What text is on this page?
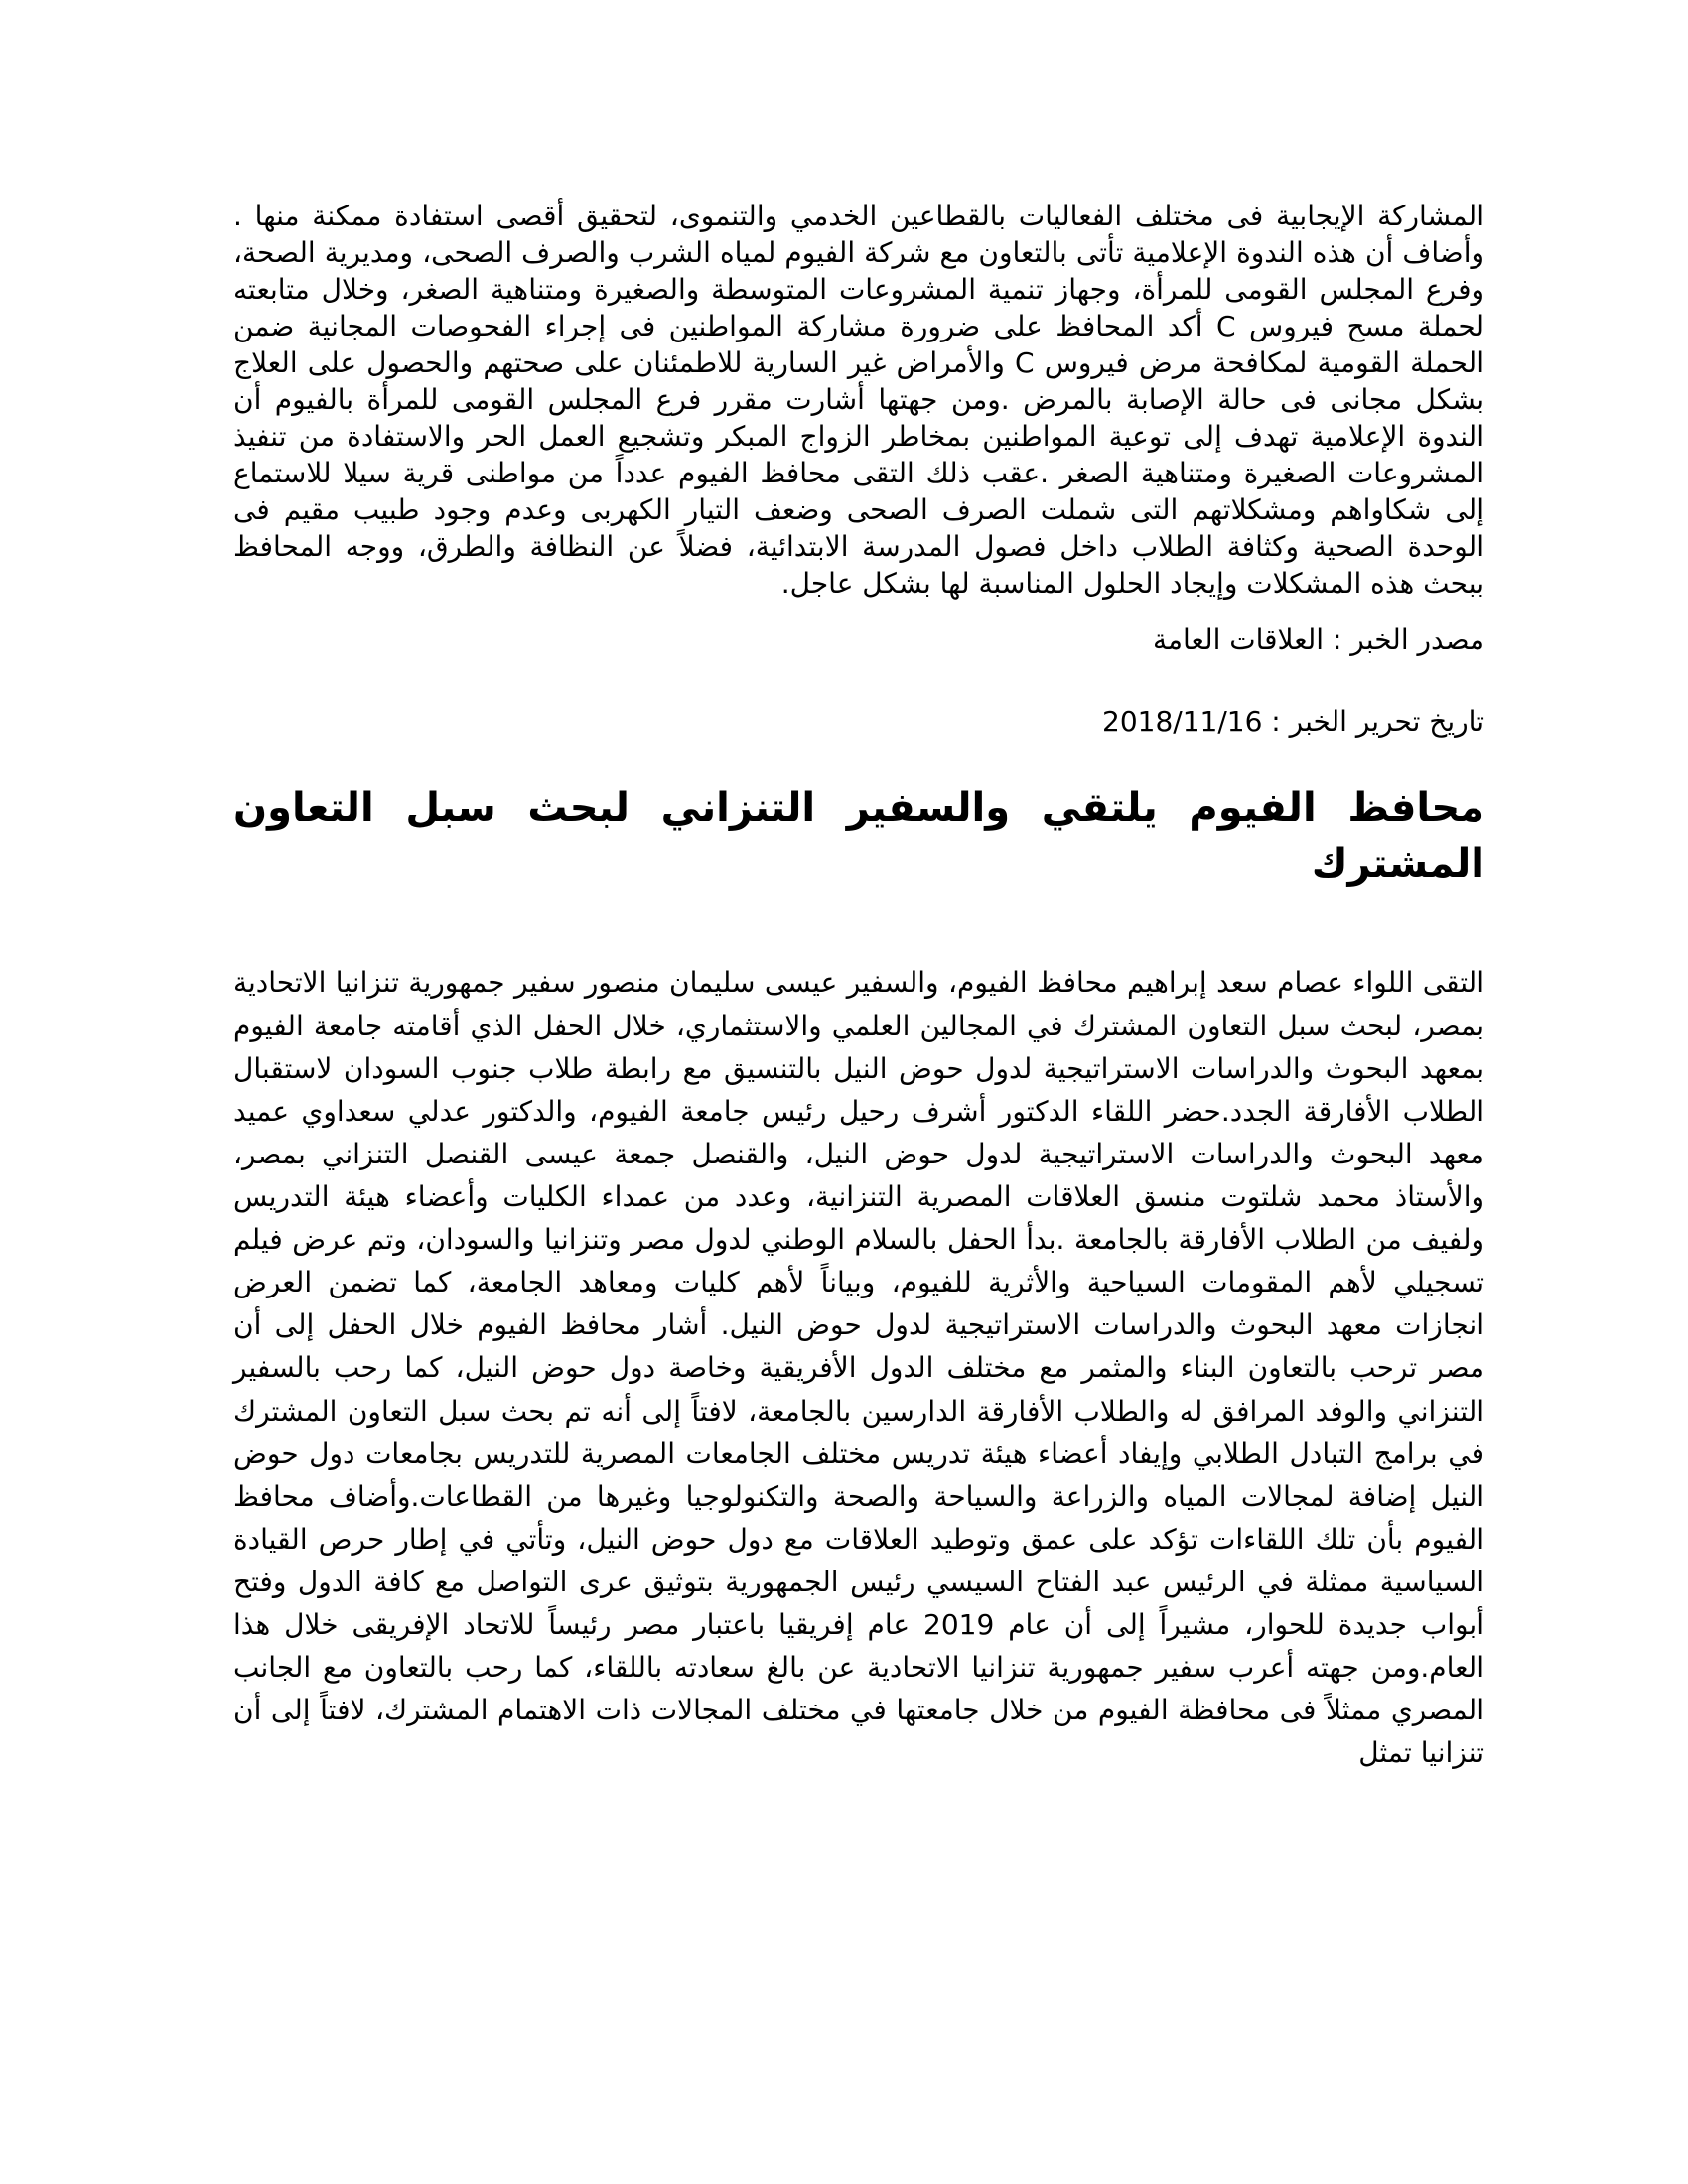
المشاركة الإيجابية فى مختلف الفعاليات بالقطاعين الخدمي والتنموى، لتحقيق أقصى استفادة ممكنة منها . وأضاف أن هذه الندوة الإعلامية تأتى بالتعاون مع شركة الفيوم لمياه الشرب والصرف الصحى، ومديرية الصحة، وفرع المجلس القومى للمرأة، وجهاز تنمية المشروعات المتوسطة والصغيرة ومتناهية الصغر، وخلال متابعته لحملة مسح فيروس C أكد المحافظ على ضرورة مشاركة المواطنين فى إجراء الفحوصات المجانية ضمن الحملة القومية لمكافحة مرض فيروس C والأمراض غير السارية للاطمئنان على صحتهم والحصول على العلاج بشكل مجانى فى حالة الإصابة بالمرض .ومن جهتها أشارت مقرر فرع المجلس القومى للمرأة بالفيوم أن الندوة الإعلامية تهدف إلى توعية المواطنين بمخاطر الزواج المبكر وتشجيع العمل الحر والاستفادة من تنفيذ المشروعات الصغيرة ومتناهية الصغر .عقب ذلك التقى محافظ الفيوم عدداً من مواطنى قرية سيلا للاستماع إلى شكاواهم ومشكلاتهم التى شملت الصرف الصحى وضعف التيار الكهربى وعدم وجود طبيب مقيم فى الوحدة الصحية وكثافة الطلاب داخل فصول المدرسة الابتدائية، فضلاً عن النظافة والطرق، ووجه المحافظ ببحث هذه المشكلات وإيجاد الحلول المناسبة لها بشكل عاجل.

مصدر الخبر : العلاقات العامة

تاريخ تحرير الخبر : 2018/11/16

محافظ الفيوم يلتقي والسفير التنزاني لبحث سبل التعاون المشترك

التقى اللواء عصام سعد إبراهيم محافظ الفيوم، والسفير عيسى سليمان منصور سفير جمهورية تنزانيا الاتحادية بمصر، لبحث سبل التعاون المشترك في المجالين العلمي والاستثماري، خلال الحفل الذي أقامته جامعة الفيوم بمعهد البحوث والدراسات الاستراتيجية لدول حوض النيل بالتنسيق مع رابطة طلاب جنوب السودان لاستقبال الطلاب الأفارقة الجدد.حضر اللقاء الدكتور أشرف رحيل رئيس جامعة الفيوم، والدكتور عدلي سعداوي عميد معهد البحوث والدراسات الاستراتيجية لدول حوض النيل، والقنصل جمعة عيسى القنصل التنزاني بمصر، والأستاذ محمد شلتوت منسق العلاقات المصرية التنزانية، وعدد من عمداء الكليات وأعضاء هيئة التدريس ولفيف من الطلاب الأفارقة بالجامعة .بدأ الحفل بالسلام الوطني لدول مصر وتنزانيا والسودان، وتم عرض فيلم تسجيلي لأهم المقومات السياحية والأثرية للفيوم، وبياناً لأهم كليات ومعاهد الجامعة، كما تضمن العرض انجازات معهد البحوث والدراسات الاستراتيجية لدول حوض النيل. أشار محافظ الفيوم خلال الحفل إلى أن مصر ترحب بالتعاون البناء والمثمر مع مختلف الدول الأفريقية وخاصة دول حوض النيل، كما رحب بالسفير التنزاني والوفد المرافق له والطلاب الأفارقة الدارسين بالجامعة، لافتاً إلى أنه تم بحث سبل التعاون المشترك في برامج التبادل الطلابي وإيفاد أعضاء هيئة تدريس مختلف الجامعات المصرية للتدريس بجامعات دول حوض النيل إضافة لمجالات المياه والزراعة والسياحة والصحة والتكنولوجيا وغيرها من القطاعات.وأضاف محافظ الفيوم بأن تلك اللقاءات تؤكد على عمق وتوطيد العلاقات مع دول حوض النيل، وتأتي في إطار حرص القيادة السياسية ممثلة في الرئيس عبد الفتاح السيسي رئيس الجمهورية بتوثيق عرى التواصل مع كافة الدول وفتح أبواب جديدة للحوار، مشيراً إلى أن عام 2019 عام إفريقيا باعتبار مصر رئيساً للاتحاد الإفريقى خلال هذا العام.ومن جهته أعرب سفير جمهورية تنزانيا الاتحادية عن بالغ سعادته باللقاء، كما رحب بالتعاون مع الجانب المصري ممثلاً فى محافظة الفيوم من خلال جامعتها في مختلف المجالات ذات الاهتمام المشترك، لافتاً إلى أن تنزانيا تمثل
